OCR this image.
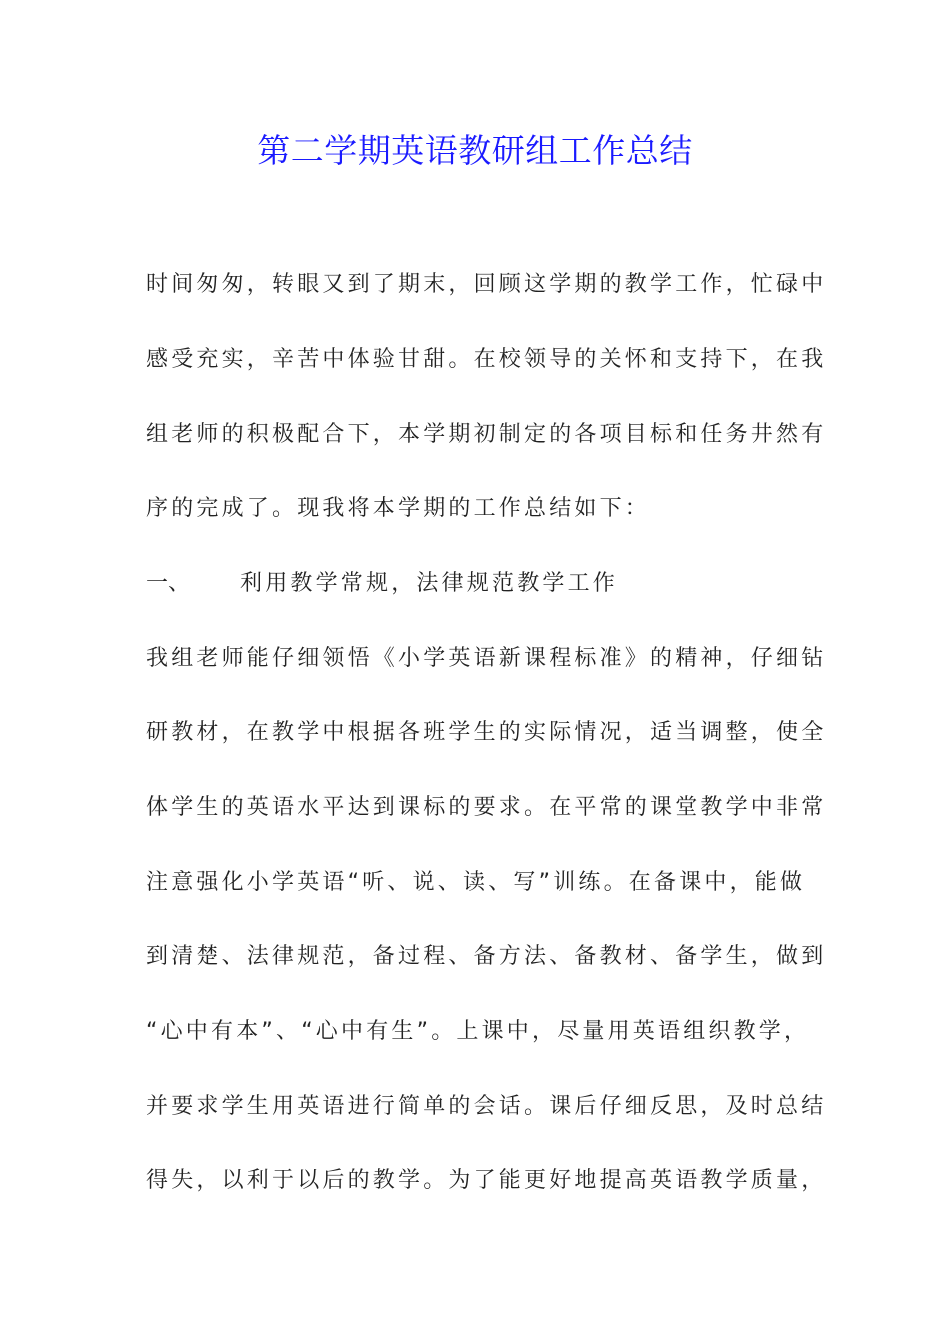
第二学期英语教研组工作总结
时间匆匆，转眼又到了期末，回顾这学期的教学工作，忙碌中
感受充实，辛苦中体验甘甜。在校领导的关怀和支持下，在我
组老师的积极配合下，本学期初制定的各项目标和任务井然有
序的完成了。现我将本学期的工作总结如下：
一、 利用教学常规，法律规范教学工作
我组老师能仔细领悟《小学英语新课程标准》的精神，仔细钻
研教材，在教学中根据各班学生的实际情况，适当调整，使全
体学生的英语水平达到课标的要求。在平常的课堂教学中非常
注意强化小学英语“听、说、读、写”训练。在备课中，能做
到清楚、法律规范，备过程、备方法、备教材、备学生，做到
“心中有本”、“心中有生”。上课中，尽量用英语组织教学，
并要求学生用英语进行简单的会话。课后仔细反思，及时总结
得失，以利于以后的教学。为了能更好地提高英语教学质量，
